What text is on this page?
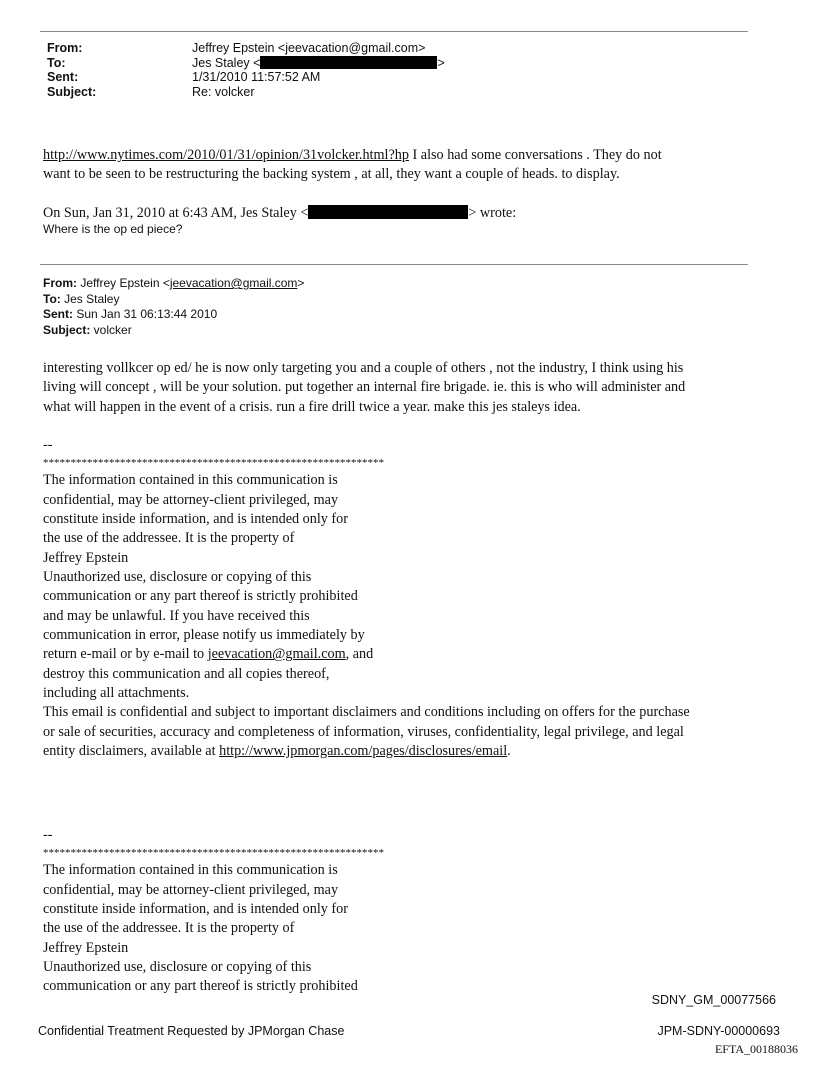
From:	Jeffrey Epstein <jeevacation@gmail.com>
To:	Jes Staley <	>
Sent:	1/31/2010 11:57:52 AM
Subject:	Re: volcker
http://www.nytimes.com/2010/01/31/opinion/31volcker.html?hp I also had some conversations . They do not
want to be seen to be restructuring the backing system , at all, they want a couple of heads. to display.
On Sun, Jan 31, 2010 at 6:43 AM, Jes Staley <	> wrote:
Where is the op ed piece?
From: Jeffrey Epstein <jeevacation@gmail.com>
To: Jes Staley
Sent: Sun Jan 31 06:13:44 2010
Subject: volcker
interesting vollkcer op ed/ he is now only targeting you and a couple of others , not the industry, I think using his
living will concept , will be your solution. put together an internal fire brigade. ie. this is who will administer and
what will happen in the event of a crisis. run a fire drill twice a year. make this jes staleys idea.
--
**************************************************************
The information contained in this communication is
confidential, may be attorney-client privileged, may
constitute inside information, and is intended only for
the use of the addressee. It is the property of
Jeffrey Epstein
Unauthorized use, disclosure or copying of this
communication or any part thereof is strictly prohibited
and may be unlawful. If you have received this
communication in error, please notify us immediately by
return e-mail or by e-mail to jeevacation@gmail.com, and
destroy this communication and all copies thereof,
including all attachments.
This email is confidential and subject to important disclaimers and conditions including on offers for the purchase
or sale of securities, accuracy and completeness of information, viruses, confidentiality, legal privilege, and legal
entity disclaimers, available at http://www.jpmorgan.com/pages/disclosures/email.
--
**************************************************************
The information contained in this communication is
confidential, may be attorney-client privileged, may
constitute inside information, and is intended only for
the use of the addressee. It is the property of
Jeffrey Epstein
Unauthorized use, disclosure or copying of this
communication or any part thereof is strictly prohibited
SDNY_GM_00077566
Confidential Treatment Requested by JPMorgan Chase	JPM-SDNY-00000693
EFTA_00188036
